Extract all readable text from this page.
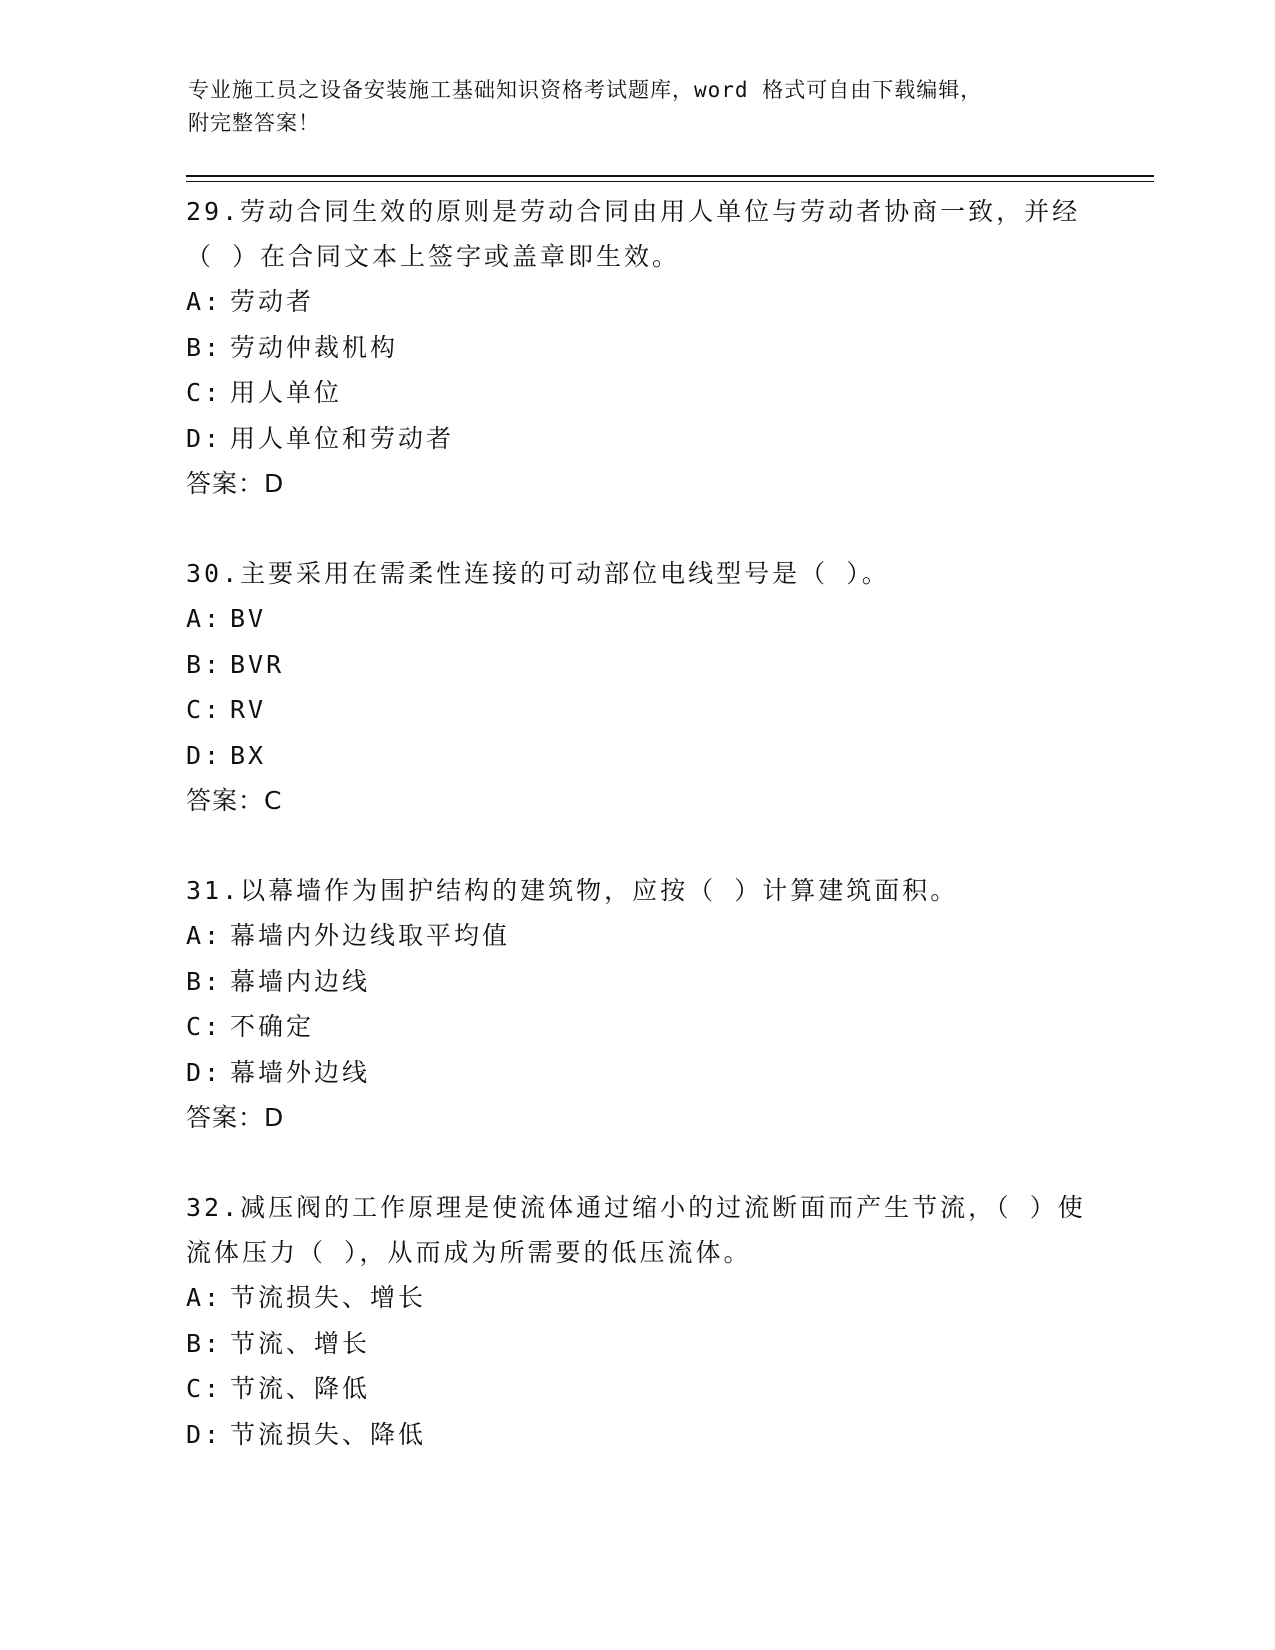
专业施工员之设备安装施工基础知识资格考试题库，word 格式可自由下载编辑，
附完整答案！

29.劳动合同生效的原则是劳动合同由用人单位与劳动者协商一致，并经（ ）在合同文本上签字或盖章即生效。

A: 劳动者

B: 劳动仲裁机构

C: 用人单位

D: 用人单位和劳动者

答案：D

30.主要采用在需柔性连接的可动部位电线型号是（ ）。

A: BV

B: BVR

C: RV

D: BX

答案：C

31.以幕墙作为围护结构的建筑物，应按（ ）计算建筑面积。

A: 幕墙内外边线取平均值

B: 幕墙内边线

C: 不确定

D: 幕墙外边线

答案：D

32.减压阀的工作原理是使流体通过缩小的过流断面而产生节流，（ ）使流体压力（ ），从而成为所需要的低压流体。

A: 节流损失、增长

B: 节流、增长

C: 节流、降低

D: 节流损失、降低
